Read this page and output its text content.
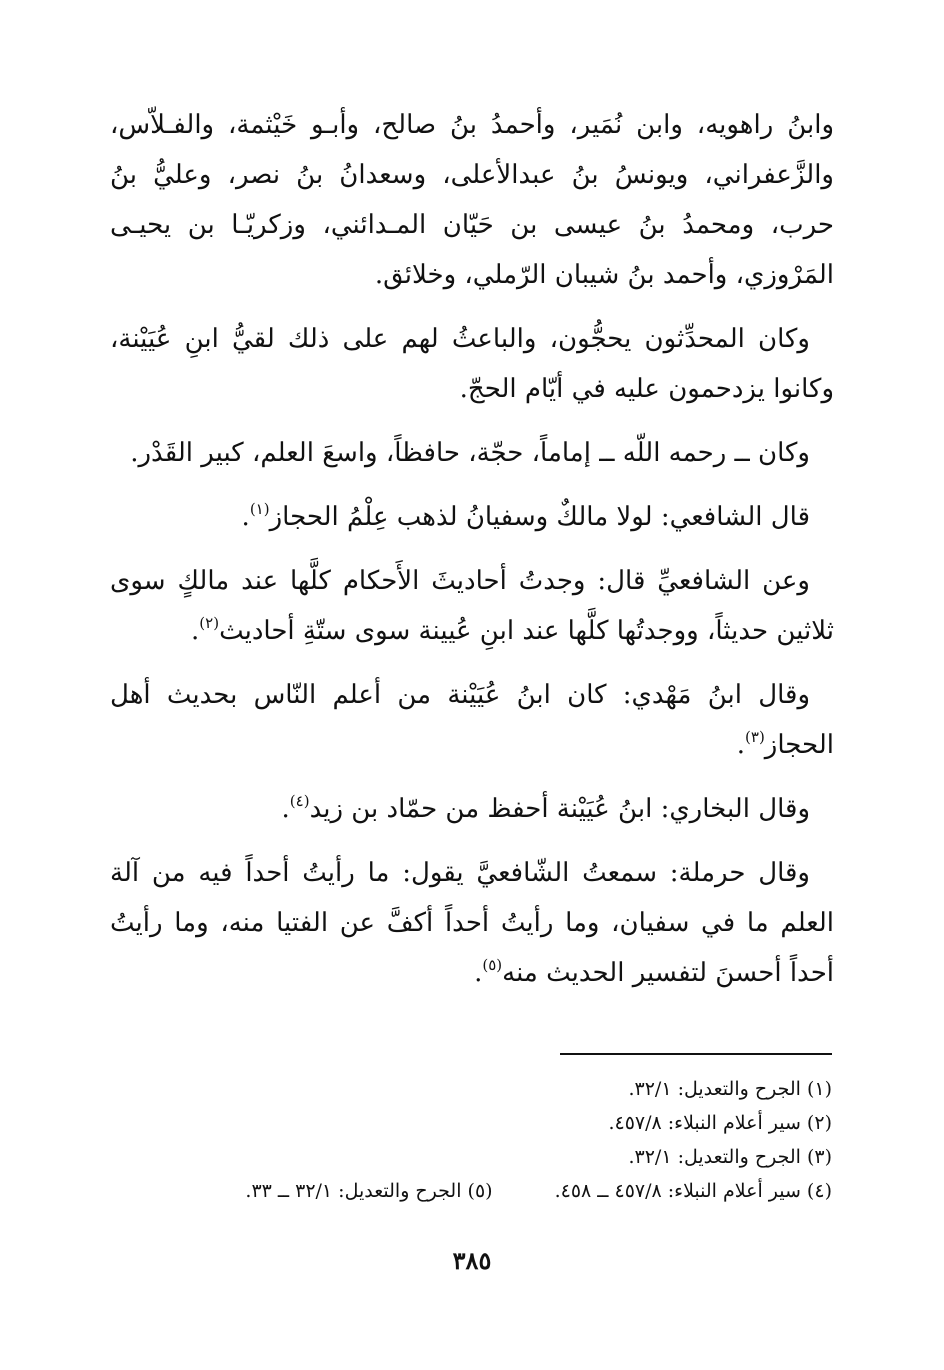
وابنُ راهويه، وابن نُمَير، وأحمدُ بنُ صالح، وأبـو خَيْثمة، والفـلاّس، والزَّعفراني، ويونسُ بنُ عبدالأعلى، وسعدانُ بنُ نصر، وعليُّ بنُ حرب، ومحمدُ بنُ عيسى بن حَيّان المـدائني، وزكريّـا بن يحيـى المَرْوزي، وأحمد بنُ شيبان الرّملي، وخلائق.

وكان المحدِّثون يحجُّون، والباعثُ لهم على ذلك لقيُّ ابنِ عُيَيْنة، وكانوا يزدحمون عليه في أيّام الحجّ.

وكان ــ رحمه اللّه ــ إماماً، حجّة، حافظاً، واسعَ العلم، كبير القَدْر.

قال الشافعي: لولا مالكٌ وسفيانُ لذهب عِلْمُ الحجاز$^{(١)}$.

وعن الشافعيِّ قال: وجدتُ أحاديثَ الأَحكام كلَّها عند مالكٍ سوى ثلاثين حديثاً، ووجدتُها كلَّها عند ابنِ عُيينة سوى ستّةِ أحاديث$^{(٢)}$.

وقال ابنُ مَهْدي: كان ابنُ عُيَيْنة من أعلم النّاس بحديث أهل الحجاز$^{(٣)}$.

وقال البخاري: ابنُ عُيَيْنة أحفظ من حمّاد بن زيد$^{(٤)}$.

وقال حرملة: سمعتُ الشّافعيَّ يقول: ما رأيتُ أحداً فيه من آلة العلم ما في سفيان، وما رأيتُ أحداً أكفَّ عن الفتيا منه، وما رأيتُ أحداً أحسنَ لتفسير الحديث منه$^{(٥)}$.

(١) الجرح والتعديل: ٣٢/١.
(٢) سير أعلام النبلاء: ٤٥٧/٨.
(٣) الجرح والتعديل: ٣٢/١.
(٤) سير أعلام النبلاء: ٤٥٧/٨ ــ ٤٥٨.
(٥) الجرح والتعديل: ٣٢/١ ــ ٣٣.
٣٨٥
